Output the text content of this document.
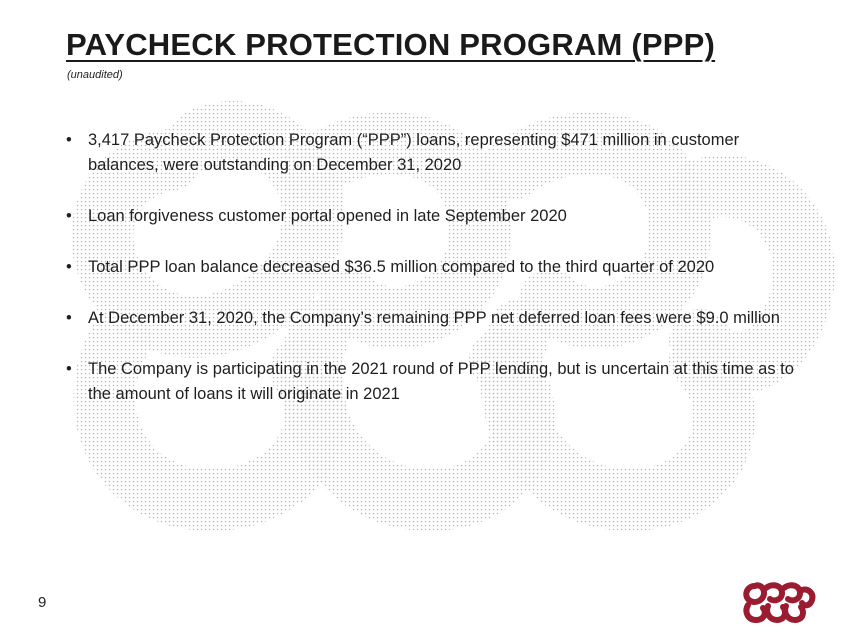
PAYCHECK PROTECTION PROGRAM (PPP)
(unaudited)
• 3,417 Paycheck Protection Program (“PPP”) loans, representing $471 million in customer balances, were outstanding on December 31, 2020
• Loan forgiveness customer portal opened in late September 2020
• Total PPP loan balance decreased $36.5 million compared to the third quarter of 2020
• At December 31, 2020, the Company’s remaining PPP net deferred loan fees were $9.0 million
• The Company is participating in the 2021 round of PPP lending, but is uncertain at this time as to the amount of loans it will originate in 2021
9
